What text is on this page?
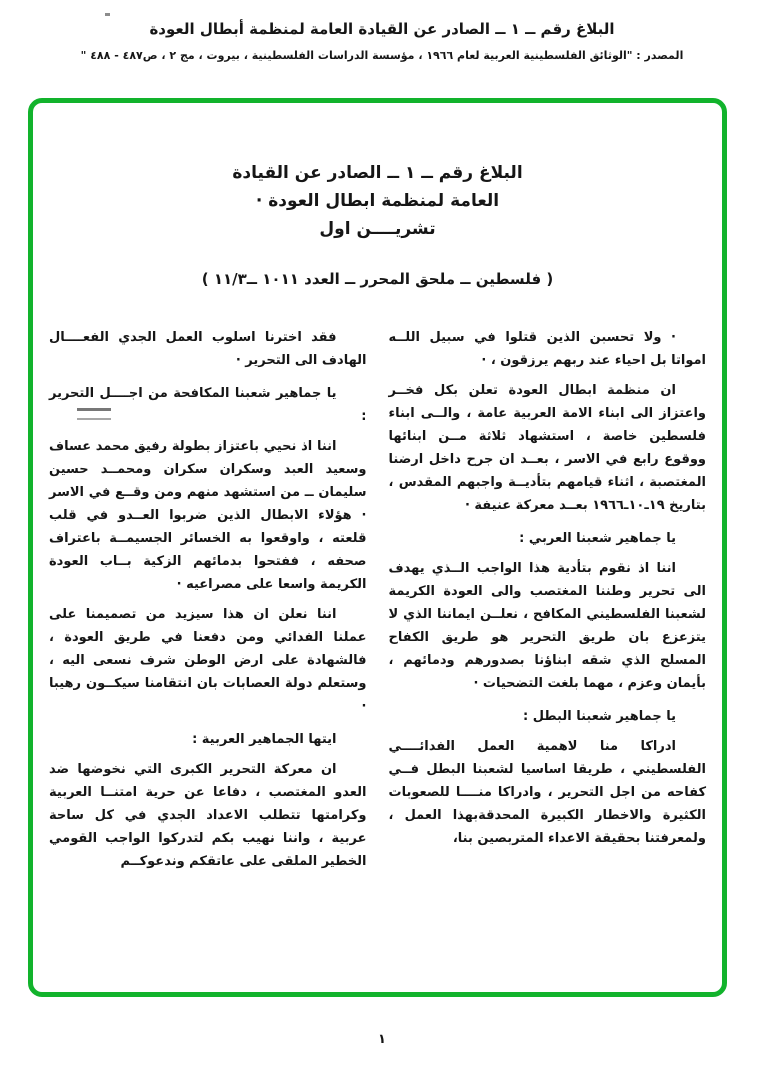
البلاغ رقم ــ ١ ــ الصادر عن القيادة العامة لمنظمة أبطال العودة
المصدر : "الوثائق الفلسطينية العربية لعام ١٩٦٦ ، مؤسسة الدراسات الفلسطينية ، بيروت ، مج ٢ ، ص٤٨٧ - ٤٨٨ "
البلاغ رقم ــ ١ ــ الصادر عن القيادة
العامة لمنظمة ابطال العودة ·
تشريــــن اول
( فلسطين ــ ملحق المحرر ــ العدد ١٠١١ ــ١١/٣ )

· ولا تحسبن الذين قتلوا في سبيل اللــه امواتا بل احياء عند ربهم يرزقون ، ·

ان منظمة ابطال العودة تعلن بكل فخــر واعتزاز الى ابناء الامة العربية عامة ، والــى ابناء فلسطين خاصة ، استشهاد ثلاثة مــن ابنائها ووقوع رابع في الاسر ، بعــد ان جرح داخل ارضنا المغتصبة ، اثناء قيامهم بتأديــة واجبهم المقدس ، بتاريخ ١٩ـ١٠ـ١٩٦٦ بعــد معركة عنيفة ·

يا جماهير شعبنا العربي :

اننا اذ نقوم بتأدية هذا الواجب الــذي يهدف الى تحرير وطننا المغتصب والى العودة الكريمة لشعبنا الفلسطيني المكافح ، نعلــن ايماننا الذي لا يتزعزع بان طريق التحرير هو طريق الكفاح المسلح الذي شقه ابناؤنا بصدورهم ودمائهم ، بأيمان وعزم ، مهما بلغت التضحيات ·

يا جماهير شعبنا البطل :

ادراكا منا لاهمية العمل الفدائــــي الفلسطيني ، طريقا اساسيا لشعبنا البطل فــي كفاحه من اجل التحرير ، وادراكا منــــا للصعوبات الكثيرة والاخطار الكبيرة المحدقةبهذا العمل ، ولمعرفتنا بحقيقة الاعداء المتربصين بنا،

فقد اخترنا اسلوب العمل الجدي الفعــــال الهادف الى التحرير ·

يا جماهير شعبنا المكافحة من اجــــل التحرير :

اننا اذ نحيي باعتزاز بطولة رفيق محمد عساف وسعيد العبد وسكران سكران ومحمــد حسين سليمان ــ من استشهد منهم ومن وقــع في الاسر · هؤلاء الابطال الذين ضربوا العــدو في قلب قلعته ، واوقعوا به الخسائر الجسيمــة باعتراف صحفه ، ففتحوا بدمائهم الزكية بــاب العودة الكريمة واسعا على مصراعيه ·

اننا نعلن ان هذا سيزيد من تصميمنا على عملنا الفدائي ومن دفعنا في طريق العودة ، فالشهادة على ارض الوطن شرف نسعى اليه ، وستعلم دولة العصابات بان انتقامنا سيكــون رهيبا ·

ايتها الجماهير العربية :

ان معركة التحرير الكبرى التي نخوضها ضد العدو المغتصب ، دفاعا عن حرية امتنــا العربية وكرامتها تتطلب الاعداد الجدي في كل ساحة عربية ، واننا نهيب بكم لتدركوا الواجب القومي الخطير الملقى على عاتقكم وندعوكــم

١
